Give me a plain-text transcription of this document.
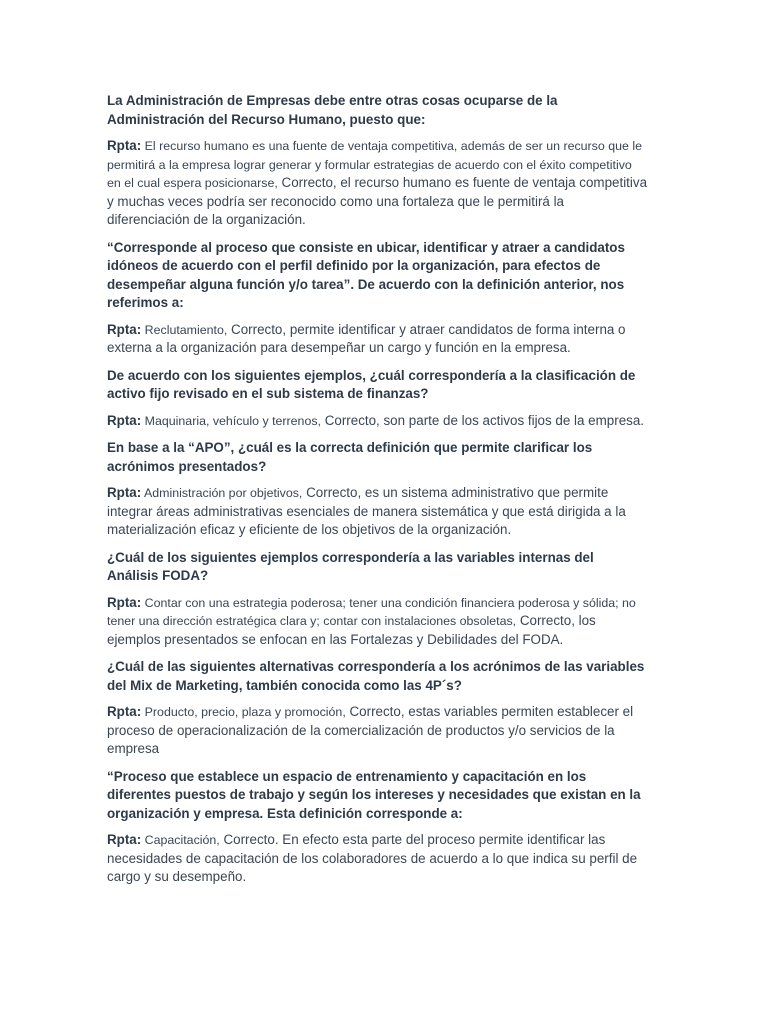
La Administración de Empresas debe entre otras cosas ocuparse de la Administración del Recurso Humano, puesto que:

Rpta: El recurso humano es una fuente de ventaja competitiva, además de ser un recurso que le permitirá a la empresa lograr generar y formular estrategias de acuerdo con el éxito competitivo en el cual espera posicionarse, Correcto, el recurso humano es fuente de ventaja competitiva y muchas veces podría ser reconocido como una fortaleza que le permitirá la diferenciación de la organización.

“Corresponde al proceso que consiste en ubicar, identificar y atraer a candidatos idóneos de acuerdo con el perfil definido por la organización, para efectos de desempeñar alguna función y/o tarea”. De acuerdo con la definición anterior, nos referimos a:

Rpta: Reclutamiento, Correcto, permite identificar y atraer candidatos de forma interna o externa a la organización para desempeñar un cargo y función en la empresa.

De acuerdo con los siguientes ejemplos, ¿cuál correspondería a la clasificación de activo fijo revisado en el sub sistema de finanzas?

Rpta: Maquinaria, vehículo y terrenos, Correcto, son parte de los activos fijos de la empresa.

En base a la “APO”, ¿cuál es la correcta definición que permite clarificar los acrónimos presentados?

Rpta: Administración por objetivos, Correcto, es un sistema administrativo que permite integrar áreas administrativas esenciales de manera sistemática y que está dirigida a la materialización eficaz y eficiente de los objetivos de la organización.

¿Cuál de los siguientes ejemplos correspondería a las variables internas del Análisis FODA?

Rpta: Contar con una estrategia poderosa; tener una condición financiera poderosa y sólida; no tener una dirección estratégica clara y; contar con instalaciones obsoletas, Correcto, los ejemplos presentados se enfocan en las Fortalezas y Debilidades del FODA.

¿Cuál de las siguientes alternativas correspondería a los acrónimos de las variables del Mix de Marketing, también conocida como las 4P´s?

Rpta: Producto, precio, plaza y promoción, Correcto, estas variables permiten establecer el proceso de operacionalización de la comercialización de productos y/o servicios de la empresa

“Proceso que establece un espacio de entrenamiento y capacitación en los diferentes puestos de trabajo y según los intereses y necesidades que existan en la organización y empresa. Esta definición corresponde a:

Rpta: Capacitación, Correcto. En efecto esta parte del proceso permite identificar las necesidades de capacitación de los colaboradores de acuerdo a lo que indica su perfil de cargo y su desempeño.
